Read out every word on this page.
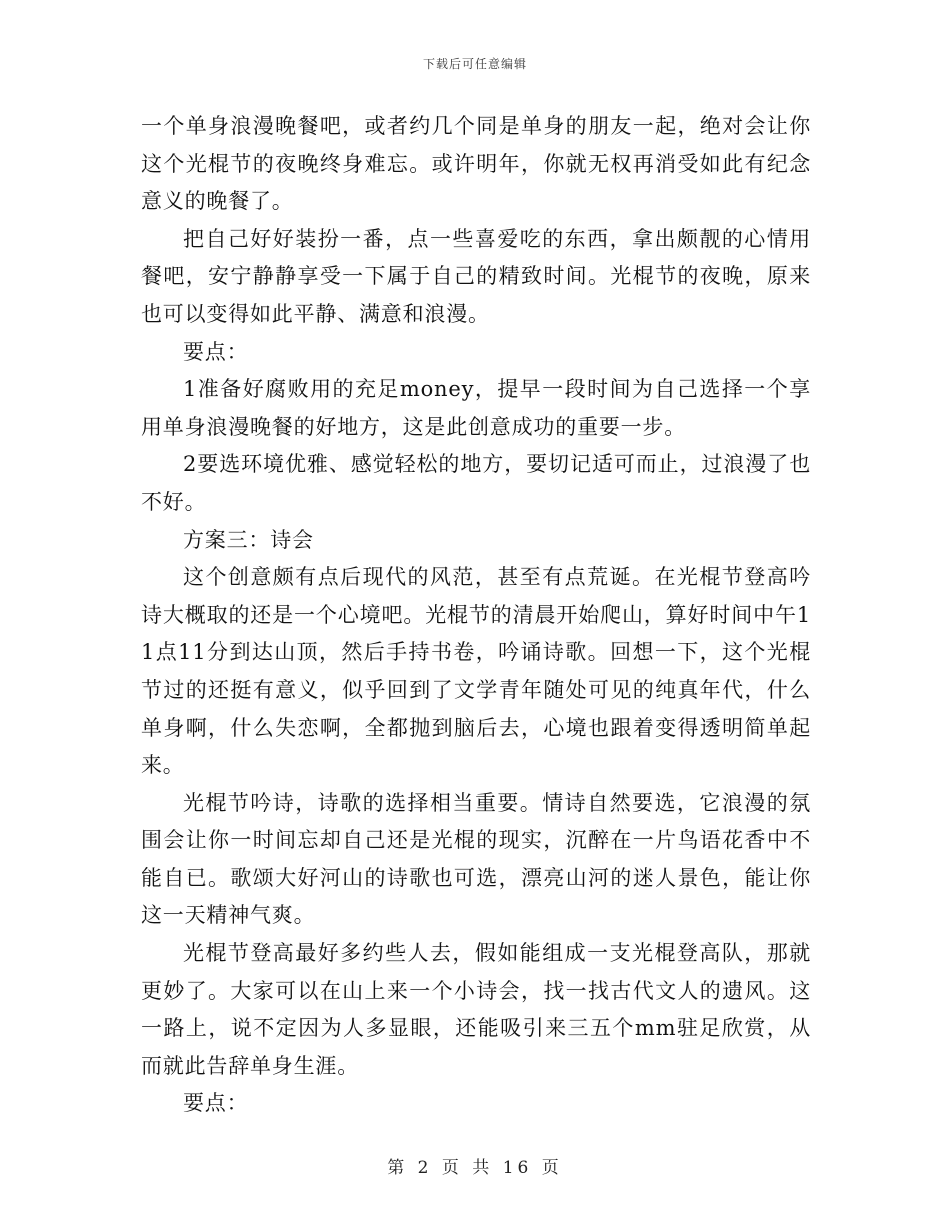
下载后可任意编辑

一个单身浪漫晚餐吧，或者约几个同是单身的朋友一起，绝对会让你这个光棍节的夜晚终身难忘。或许明年，你就无权再消受如此有纪念意义的晚餐了。

把自己好好装扮一番，点一些喜爱吃的东西，拿出颇靓的心情用餐吧，安宁静静享受一下属于自己的精致时间。光棍节的夜晚，原来也可以变得如此平静、满意和浪漫。

要点：

1准备好腐败用的充足money，提早一段时间为自己选择一个享用单身浪漫晚餐的好地方，这是此创意成功的重要一步。

2要选环境优雅、感觉轻松的地方，要切记适可而止，过浪漫了也不好。

方案三：诗会

这个创意颇有点后现代的风范，甚至有点荒诞。在光棍节登高吟诗大概取的还是一个心境吧。光棍节的清晨开始爬山，算好时间中午11点11分到达山顶，然后手持书卷，吟诵诗歌。回想一下，这个光棍节过的还挺有意义，似乎回到了文学青年随处可见的纯真年代，什么单身啊，什么失恋啊，全都抛到脑后去，心境也跟着变得透明简单起来。

光棍节吟诗，诗歌的选择相当重要。情诗自然要选，它浪漫的氛围会让你一时间忘却自己还是光棍的现实，沉醉在一片鸟语花香中不能自已。歌颂大好河山的诗歌也可选，漂亮山河的迷人景色，能让你这一天精神气爽。

光棍节登高最好多约些人去，假如能组成一支光棍登高队，那就更妙了。大家可以在山上来一个小诗会，找一找古代文人的遗风。这一路上，说不定因为人多显眼，还能吸引来三五个mm驻足欣赏，从而就此告辞单身生涯。

要点：

第 2 页 共 16 页
